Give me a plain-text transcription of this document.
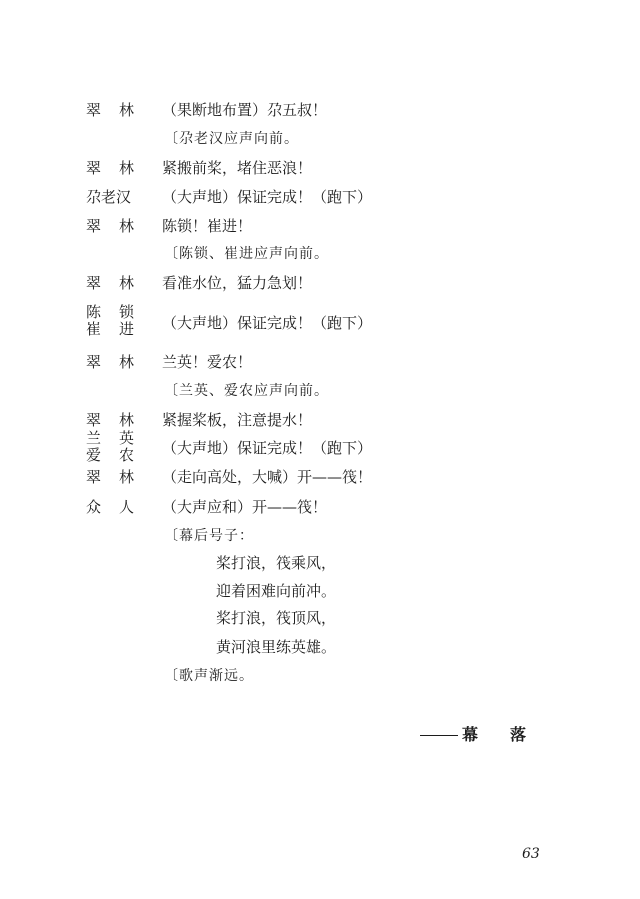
翠林 （果断地布置）尕五叔！
〔尕老汉应声向前。
翠林 紧搬前桨，堵住恶浪！
尕老汉	（大声地）保证完成！（跑下）
翠林 陈锁！崔进！
〔陈锁、崔进应声向前。
翠林 看准水位，猛力急划！
陈锁
崔进 （大声地）保证完成！（跑下）
翠林 兰英！爱农！
〔兰英、爱农应声向前。
翠林 紧握桨板，注意提水！
兰英
爱农 （大声地）保证完成！（跑下）
翠林 （走向高处，大喊）开——筏！
众人 （大声应和）开——筏！
〔幕后号子：
桨打浪，筏乘风，
迎着困难向前冲。
桨打浪，筏顶风，
黄河浪里练英雄。
〔歌声渐远。
幕 落
63
